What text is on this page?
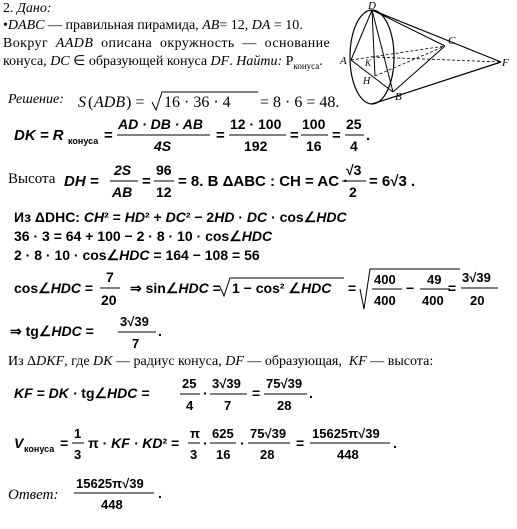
2. Дано:
•DABC — правильная пирамида, AB= 12, DA = 10.
Вокруг  AADB  описана  окружность  —  основание
конуса, DC ∈ образующей конуса DF. Найти: $P_{конуса}$.
D
C
A K
H
B
F
Решение: S ( ADB ) = 16 · 36 · 4 = 8 · 6 = 48.
DK = R конуса =
AD · DB · AB
4S
=
12 · 100
192
=
100
16
=
25
4
.
Высота DH =
2S
AB
=
96
12
= 8. В ΔABC : CH = AC ·
√3
2
= 6√3 .
Из ΔDHC: CH² = HD² + DC² − 2HD · DC · cos∠HDC
36 · 3 = 64 + 100 − 2 · 8 · 10 · cos∠HDC
2 · 8 · 10 · cos∠HDC = 164 − 108 = 56
cos∠HDC =
7
20
⇒ sin∠HDC = 1 − cos² ∠HDC =
400
400
−
49
400
=
3√39
20
⇒ tg∠HDC =
3√39
7
.
Из ΔDKF, где DK — радиус конуса, DF — образующая,  KF — высота:
KF = DK · tg∠HDC =
25
4
·
3√39
7
=
75√39
28
.
V конуса =
1
3
π · KF · KD² =
π
3
·
625
16
·
75√39
28
=
15625π√39
448
.
Ответ:
15625π√39
448
.
